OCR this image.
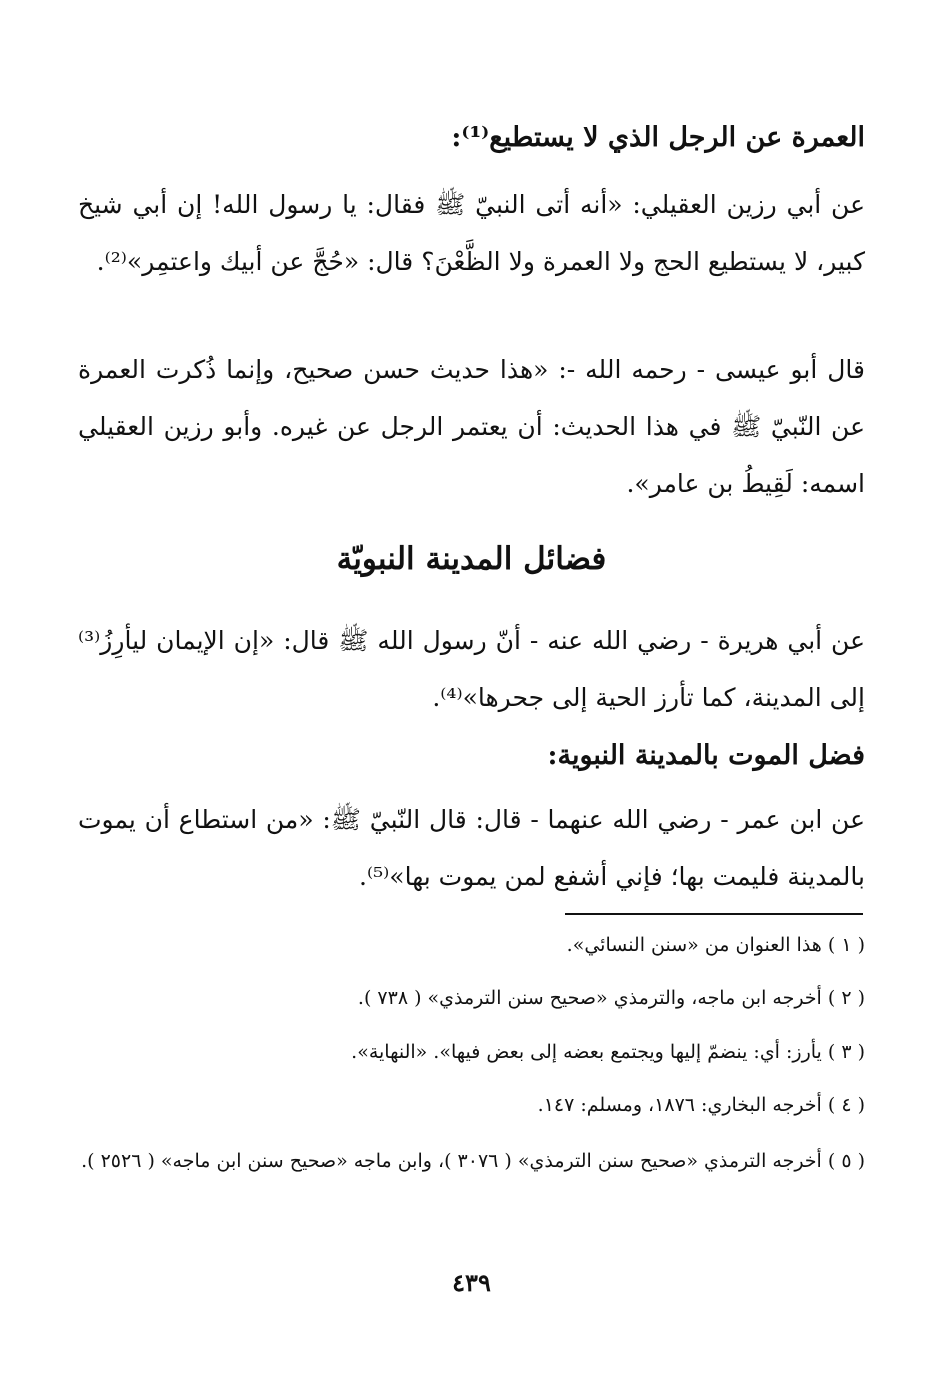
العمرة عن الرجل الذي لا يستطيع⁽¹⁾:
عن أبي رزين العقيلي: «أنه أتى النبيّ ﷺ فقال: يا رسول الله! إن أبي شيخ كبير، لا يستطيع الحج ولا العمرة ولا الظَّعْنَ؟ قال: «حُجَّ عن أبيك واعتمِر»⁽²⁾.
قال أبو عيسى - رحمه الله -: «هذا حديث حسن صحيح، وإنما ذُكرت العمرة عن النّبيّ ﷺ في هذا الحديث: أن يعتمر الرجل عن غيره. وأبو رزين العقيلي اسمه: لَقِيطُ بن عامر».
فضائل المدينة النبويّة
عن أبي هريرة - رضي الله عنه - أنّ رسول الله ﷺ قال: «إن الإيمان ليأرِزُ⁽³⁾ إلى المدينة، كما تأرز الحية إلى جحرها»⁽⁴⁾.
فضل الموت بالمدينة النبوية:
عن ابن عمر - رضي الله عنهما - قال: قال النّبيّ ﷺ: «من استطاع أن يموت بالمدينة فليمت بها؛ فإني أشفع لمن يموت بها»⁽⁵⁾.
( ١ ) هذا العنوان من «سنن النسائي».
( ٢ ) أخرجه ابن ماجه، والترمذي «صحيح سنن الترمذي» ( ٧٣٨ ).
( ٣ ) يأرز: أي: ينضمّ إليها ويجتمع بعضه إلى بعض فيها». «النهاية».
( ٤ ) أخرجه البخاري: ١٨٧٦، ومسلم: ١٤٧.
( ٥ ) أخرجه الترمذي «صحيح سنن الترمذي» ( ٣٠٧٦ )، وابن ماجه «صحيح سنن ابن ماجه» ( ٢٥٢٦ ).
٤٣٩
